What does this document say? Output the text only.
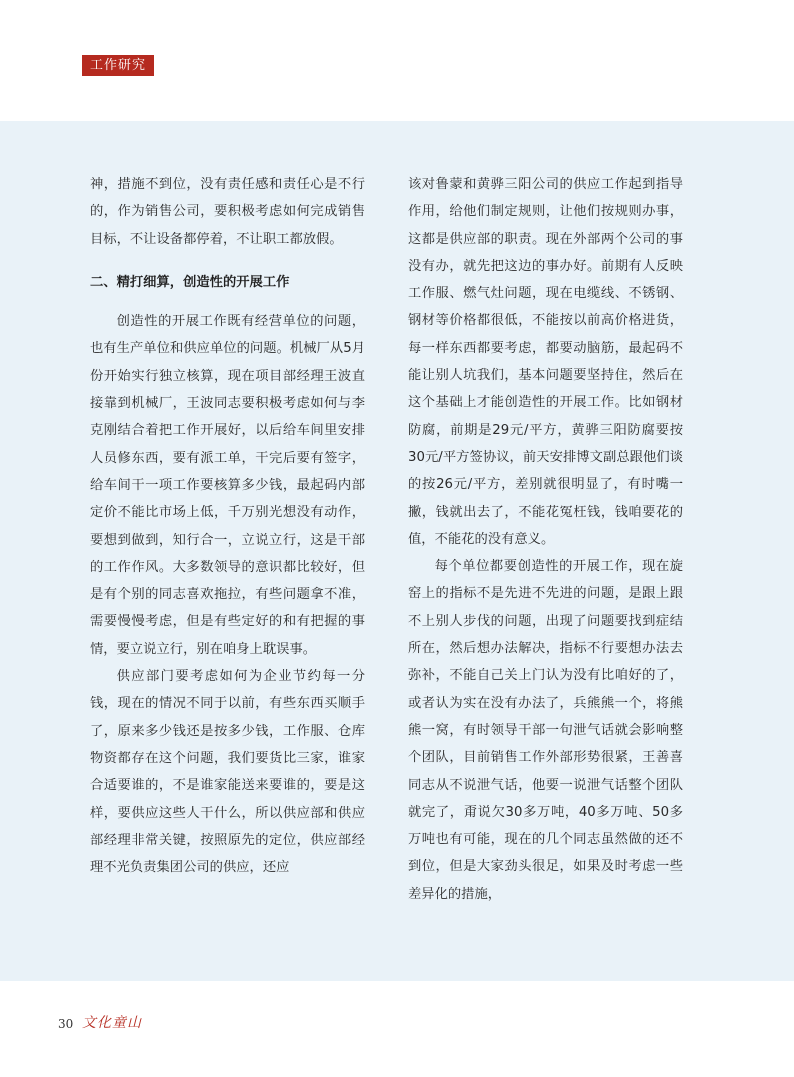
工作研究

神，措施不到位，没有责任感和责任心是不行的，作为销售公司，要积极考虑如何完成销售目标，不让设备都停着，不让职工都放假。

二、精打细算，创造性的开展工作

创造性的开展工作既有经营单位的问题，也有生产单位和供应单位的问题。机械厂从5月份开始实行独立核算，现在项目部经理王波直接靠到机械厂，王波同志要积极考虑如何与李克刚结合着把工作开展好，以后给车间里安排人员修东西，要有派工单，干完后要有签字，给车间干一项工作要核算多少钱，最起码内部定价不能比市场上低，千万别光想没有动作，要想到做到，知行合一，立说立行，这是干部的工作作风。大多数领导的意识都比较好，但是有个别的同志喜欢拖拉，有些问题拿不准，需要慢慢考虑，但是有些定好的和有把握的事情，要立说立行，别在咱身上耽误事。

供应部门要考虑如何为企业节约每一分钱，现在的情况不同于以前，有些东西买顺手了，原来多少钱还是按多少钱，工作服、仓库物资都存在这个问题，我们要货比三家，谁家合适要谁的，不是谁家能送来要谁的，要是这样，要供应这些人干什么，所以供应部和供应部经理非常关键，按照原先的定位，供应部经理不光负责集团公司的供应，还应

该对鲁蒙和黄骅三阳公司的供应工作起到指导作用，给他们制定规则，让他们按规则办事，这都是供应部的职责。现在外部两个公司的事没有办，就先把这边的事办好。前期有人反映工作服、燃气灶问题，现在电缆线、不锈钢、钢材等价格都很低，不能按以前高价格进货，每一样东西都要考虑，都要动脑筋，最起码不能让别人坑我们，基本问题要坚持住，然后在这个基础上才能创造性的开展工作。比如钢材防腐，前期是29元/平方，黄骅三阳防腐要按30元/平方签协议，前天安排博文副总跟他们谈的按26元/平方，差别就很明显了，有时嘴一撇，钱就出去了，不能花冤枉钱，钱咱要花的值，不能花的没有意义。

每个单位都要创造性的开展工作，现在旋窑上的指标不是先进不先进的问题，是跟上跟不上别人步伐的问题，出现了问题要找到症结所在，然后想办法解决，指标不行要想办法去弥补，不能自己关上门认为没有比咱好的了，或者认为实在没有办法了，兵熊熊一个，将熊熊一窝，有时领导干部一句泄气话就会影响整个团队，目前销售工作外部形势很紧，王善喜同志从不说泄气话，他要一说泄气话整个团队就完了，甭说欠30多万吨，40多万吨、50多万吨也有可能，现在的几个同志虽然做的还不到位，但是大家劲头很足，如果及时考虑一些差异化的措施，

30 文化童山
